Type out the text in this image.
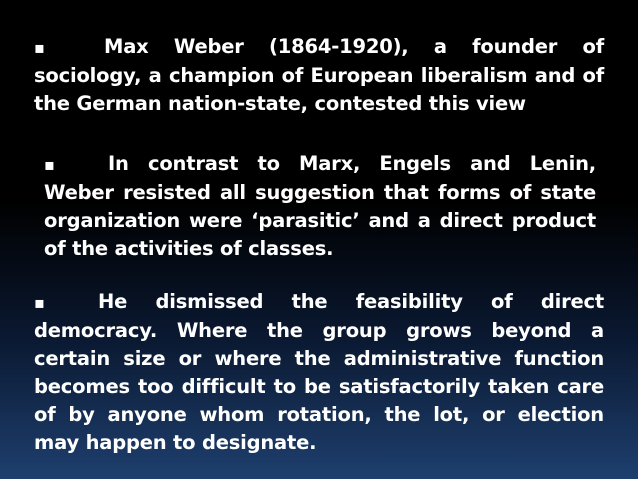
▪	Max Weber (1864-1920), a founder of sociology, a champion of European liberalism and of the German nation-state, contested this view
▪	In contrast to Marx, Engels and Lenin, Weber resisted all suggestion that forms of state organization were ‘parasitic’ and a direct product of the activities of classes.
▪	He dismissed the feasibility of direct democracy. Where the group grows beyond a certain size or where the administrative function becomes too difficult to be satisfactorily taken care of by anyone whom rotation, the lot, or election may happen to designate.
